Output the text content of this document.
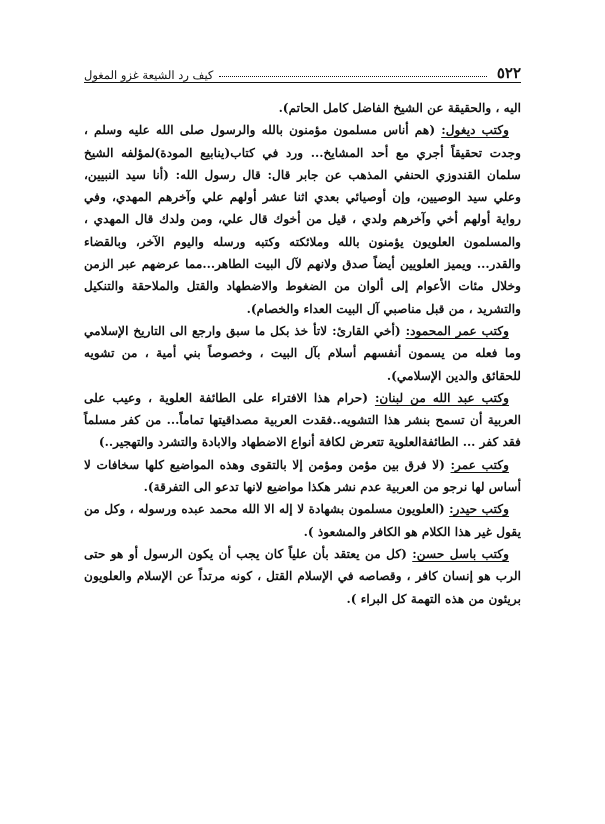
٥٢٢
كيف رد الشيعة غزو المغول

اليه ، والحقيقة عن الشيخ الفاضل كامل الحاتم).

وكتب ديغول: (هم أناس مسلمون مؤمنون بالله والرسول صلى الله عليه وسلم ، وجدت تحقيقاً أجري مع أحد المشايخ... ورد في كتاب(ينابيع المودة)لمؤلفه الشيخ سلمان القندوزي الحنفي المذهب عن جابر قال: قال رسول الله: (أنا سيد النبيين، وعلي سيد الوصيين، وإن أوصيائي بعدي اثنا عشر أولهم علي وآخرهم المهدي، وفي رواية أولهم أخي وآخرهم ولدي ، قيل من أخوك قال علي، ومن ولدك قال المهدي ، والمسلمون العلويون يؤمنون بالله وملائكته وكتبه ورسله واليوم الآخر، وبالقضاء والقدر... ويميز العلويين أيضاً صدق ولانهم لآل البيت الطاهر...مما عرضهم عبر الزمن وخلال مئات الأعوام إلى ألوان من الضغوط والاضطهاد والقتل والملاحقة والتنكيل والتشريد ، من قبل مناصبي آل البيت العداء والخصام).

وكتب عمر المحمود: (أخي القارئ: لاتأ خذ بكل ما سبق وارجع الى التاريخ الإسلامي وما فعله من يسمون أنفسهم أسلام بآل البيت ، وخصوصاً بني أمية ، من تشويه للحقائق والدين الإسلامي).

وكتب عبد الله من لبنان: (حرام هذا الافتراء على الطائفة العلوية ، وعيب على العربية أن تسمح بنشر هذا التشويه..فقدت العربية مصداقيتها تماماً... من كفر مسلماً فقد كفر ... الطائفةالعلوية تتعرض لكافة أنواع الاضطهاد والابادة والتشرد والتهجير..)

وكتب عمر: (لا فرق بين مؤمن ومؤمن إلا بالتقوى وهذه المواضيع كلها سخافات لا أساس لها نرجو من العربية عدم نشر هكذا مواضيع لانها تدعو الى التفرقة).

وكتب حيدر: (العلويون مسلمون بشهادة لا إله الا الله محمد عبده ورسوله ، وكل من يقول غير هذا الكلام هو الكافر والمشعوذ ).

وكتب باسل حسن: (كل من يعتقد بأن علياً كان يجب أن يكون الرسول أو هو حتى الرب هو إنسان كافر ، وقصاصه في الإسلام القتل ، كونه مرتداً عن الإسلام والعلويون بريئون من هذه التهمة كل البراء ).
